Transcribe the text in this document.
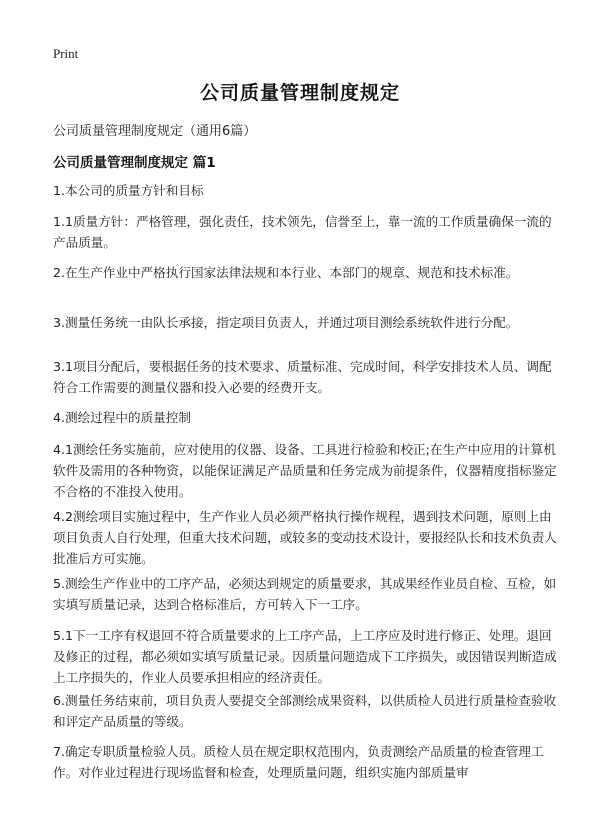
Print
公司质量管理制度规定
公司质量管理制度规定（通用6篇）
公司质量管理制度规定 篇1

1.本公司的质量方针和目标

1.1质量方针：严格管理，强化责任，技术领先，信誉至上，靠一流的工作质量确保一流的产品质量。

2.在生产作业中严格执行国家法律法规和本行业、本部门的规章、规范和技术标准。

3.测量任务统一由队长承接，指定项目负责人，并通过项目测绘系统软件进行分配。

3.1项目分配后，要根据任务的技术要求、质量标准、完成时间，科学安排技术人员、调配符合工作需要的测量仪器和投入必要的经费开支。

4.测绘过程中的质量控制

4.1测绘任务实施前，应对使用的仪器、设备、工具进行检验和校正;在生产中应用的计算机软件及需用的各种物资，以能保证满足产品质量和任务完成为前提条件，仪器精度指标鉴定不合格的不准投入使用。

4.2测绘项目实施过程中，生产作业人员必须严格执行操作规程，遇到技术问题，原则上由项目负责人自行处理，但重大技术问题，或较多的变动技术设计，要报经队长和技术负责人批准后方可实施。

5.测绘生产作业中的工序产品，必须达到规定的质量要求，其成果经作业员自检、互检，如实填写质量记录，达到合格标准后，方可转入下一工序。

5.1下一工序有权退回不符合质量要求的上工序产品，上工序应及时进行修正、处理。退回及修正的过程，都必须如实填写质量记录。因质量问题造成下工序损失，或因错误判断造成上工序损失的，作业人员要承担相应的经济责任。

6.测量任务结束前，项目负责人要提交全部测绘成果资料，以供质检人员进行质量检查验收和评定产品质量的等级。

7.确定专职质量检验人员。质检人员在规定职权范围内，负责测绘产品质量的检查管理工作。对作业过程进行现场监督和检查，处理质量问题，组织实施内部质量审
